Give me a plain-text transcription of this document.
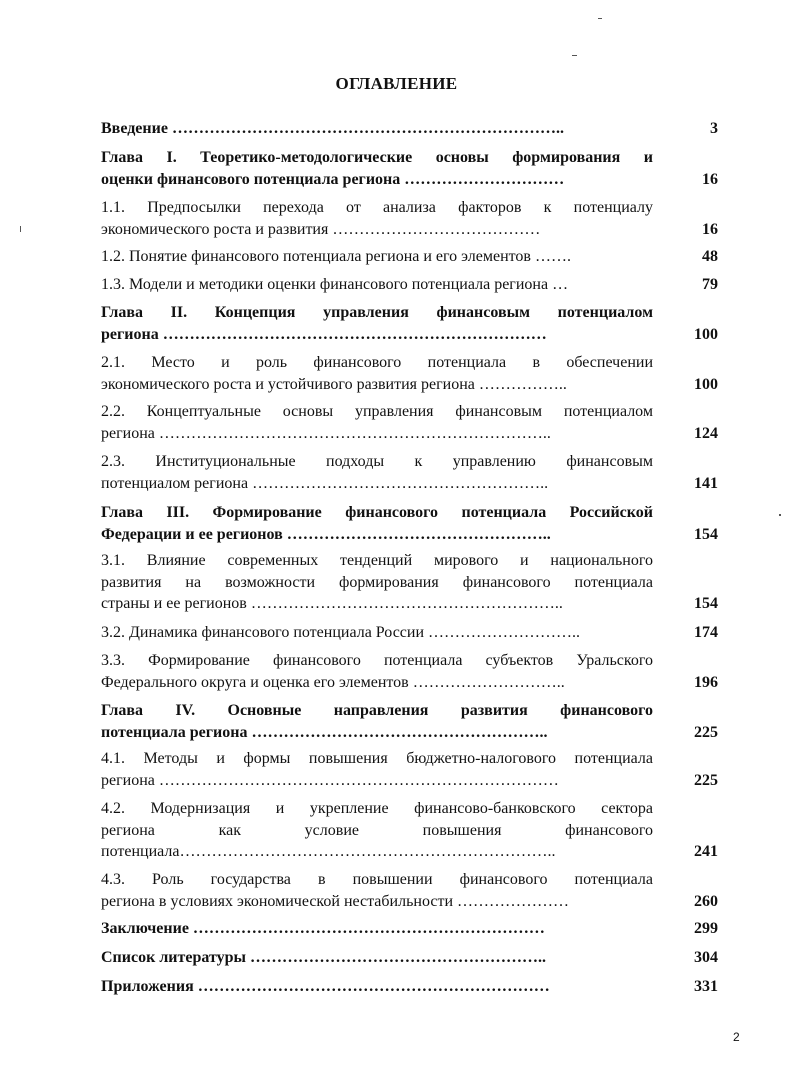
ОГЛАВЛЕНИЕ
Введение ………………………………………………………………..	3
Глава I. Теоретико-методологические основы формирования и
оценки финансового потенциала региона …………………………	16
1.1. Предпосылки перехода от анализа факторов к потенциалу
экономического роста и развития …………………………………	16
1.2. Понятие финансового потенциала региона и его элементов …….	48
1.3. Модели и методики оценки финансового потенциала региона …	79
Глава II. Концепция управления финансовым потенциалом
региона ………………………………………………………………	100
2.1. Место и роль финансового потенциала в обеспечении
экономического роста и устойчивого развития региона ……………..	100
2.2. Концептуальные основы управления финансовым потенциалом
региона ………………………………………………………………..	124
2.3. Институциональные подходы к управлению финансовым
потенциалом региона ………………………………………………..	141
Глава III. Формирование финансового потенциала Российской
Федерации и ее регионов …………………………………………..	154
3.1. Влияние современных тенденций мирового и национального
развития на возможности формирования финансового потенциала
страны и ее регионов …………………………………………………..	154
3.2. Динамика финансового потенциала России ………………………..	174
3.3. Формирование финансового потенциала субъектов Уральского
Федерального округа и оценка его элементов ………………………..	196
Глава IV. Основные направления развития финансового
потенциала региона ………………………………………………..	225
4.1. Методы и формы повышения бюджетно-налогового потенциала
региона …………………………………………………………………	225
4.2. Модернизация и укрепление финансово-банковского сектора
региона как условие повышения финансового
потенциала……………………………………………………………..	241
4.3. Роль государства в повышении финансового потенциала
региона в условиях экономической нестабильности …………………	260
Заключение …………………………………………………………	299
Список литературы ………………………………………………..	304
Приложения …………………………………………………………	331
2
